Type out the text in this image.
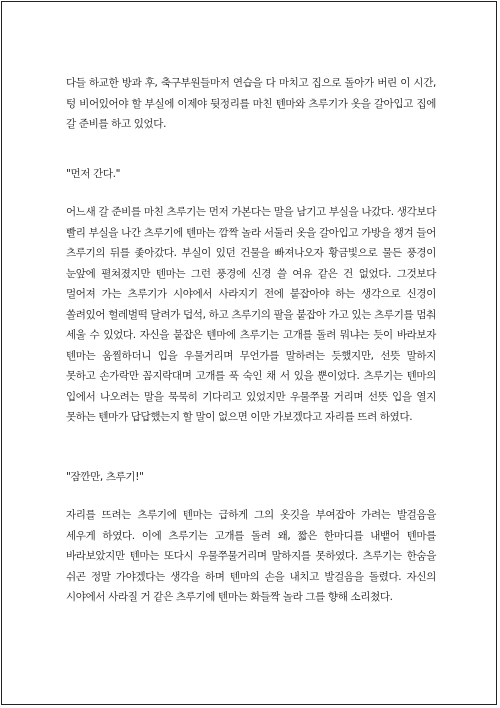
다들 하교한 방과 후, 축구부원들마저 연습을 다 마치고 집으로 돌아가 버린 이 시간, 텅 비어있어야 할 부실에 이제야 뒷정리를 마친 텐마와 츠루기가 옷을 갈아입고 집에 갈 준비를 하고 있었다.

"먼저 간다."

어느새 갈 준비를 마친 츠루기는 먼저 가본다는 말을 남기고 부실을 나갔다. 생각보다 빨리 부실을 나간 츠루기에 텐마는 깜짝 놀라 서둘러 옷을 갈아입고 가방을 챙겨 들어 츠루기의 뒤를 좇아갔다. 부실이 있던 건물을 빠져나오자 황금빛으로 물든 풍경이 눈앞에 펼쳐졌지만 텐마는 그런 풍경에 신경 쓸 여유 같은 건 없었다. 그것보다 멀어져 가는 츠루기가 시야에서 사라지기 전에 붙잡아야 하는 생각으로 신경이 쏠려있어 헐레벌떡 달려가 덥석, 하고 츠루기의 팔을 붙잡아 가고 있는 츠루기를 멈춰 세울 수 있었다. 자신을 붙잡은 텐마에 츠루기는 고개를 돌려 뭐냐는 듯이 바라보자 텐마는 움찔하더니 입을 우물거리며 무언가를 말하려는 듯했지만, 선뜻 말하지 못하고 손가락만 꼼지락대며 고개를 푹 숙인 채 서 있을 뿐이었다. 츠루기는 텐마의 입에서 나오려는 말을 묵묵히 기다리고 있었지만 우물쭈물 거리며 선뜻 입을 열지 못하는 텐마가 답답했는지 할 말이 없으면 이만 가보겠다고 자리를 뜨려 하였다.

"잠깐만, 츠루기!"

자리를 뜨려는 츠루기에 텐마는 급하게 그의 옷깃을 부여잡아 가려는 발걸음을 세우게 하였다. 이에 츠루기는 고개를 돌려 왜, 짧은 한마디를 내뱉어 텐마를 바라보았지만 텐마는 또다시 우물쭈물거리며 말하지를 못하였다. 츠루기는 한숨을 쉬곤 정말 가야겠다는 생각을 하며 텐마의 손을 내치고 발걸음을 돌렸다. 자신의 시야에서 사라질 거 같은 츠루기에 텐마는 화들짝 놀라 그를 향해 소리쳤다.
